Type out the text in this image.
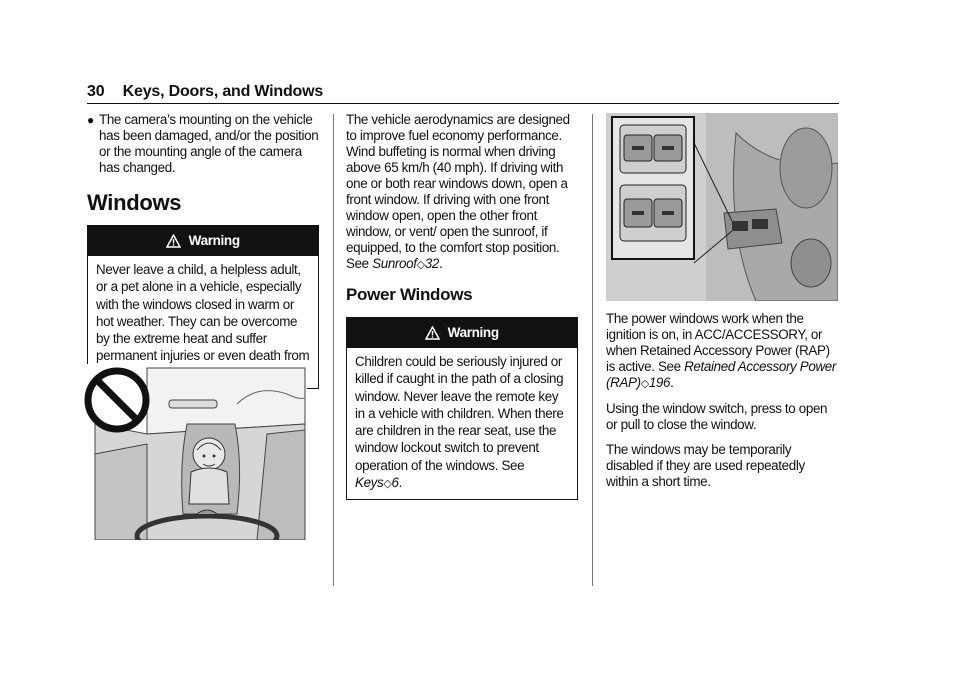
30 Keys, Doors, and Windows
● The camera’s mounting on the vehicle has been damaged, and/or the position or the mounting angle of the camera has changed.
Windows
Warning
Never leave a child, a helpless adult, or a pet alone in a vehicle, especially with the windows closed in warm or hot weather. They can be overcome by the extreme heat and suffer permanent injuries or even death from

The vehicle aerodynamics are designed to improve fuel economy performance. Wind buffeting is normal when driving above 65 km/h (40 mph). If driving with one or both rear windows down, open a front window. If driving with one front window open, open the other front window, or vent/ open the sunroof, if equipped, to the comfort stop position. See Sunroof◇32.

Power Windows
Warning
Children could be seriously injured or killed if caught in the path of a closing window. Never leave the remote key in a vehicle with children. When there are children in the rear seat, use the window lockout switch to prevent operation of the windows. See Keys◇6.

The power windows work when the ignition is on, in ACC/ACCESSORY, or when Retained Accessory Power (RAP) is active. See Retained Accessory Power (RAP)◇196.

Using the window switch, press to open or pull to close the window.

The windows may be temporarily disabled if they are used repeatedly within a short time.
